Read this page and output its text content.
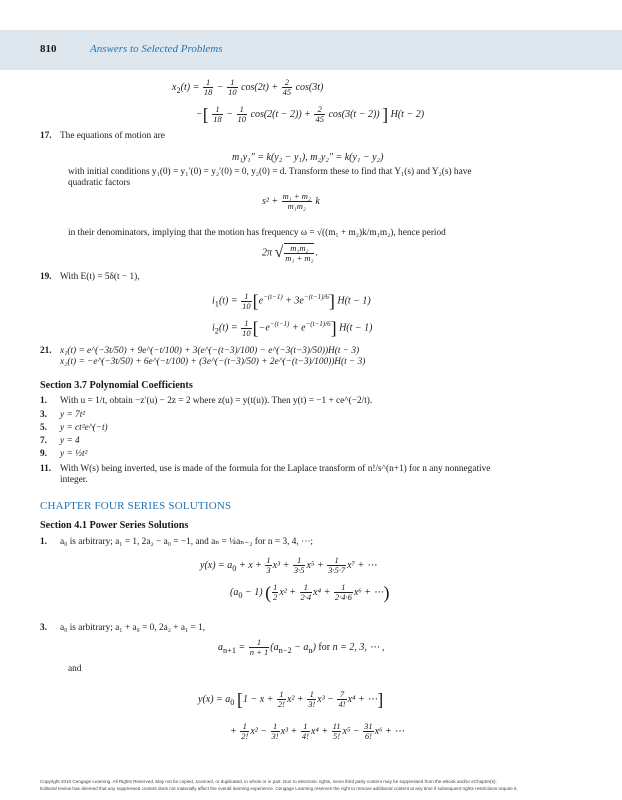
810	Answers to Selected Problems
$x_2(t) = \frac{1}{18} - \frac{1}{10} \cos(2t) + \frac{2}{45} \cos(3t)$
−[ $\frac{1}{18} - \frac{1}{10} \cos(2(t - 2)) + \frac{2}{45} \cos(3(t - 2))$ ] H(t − 2)
17. The equations of motion are
m₁y₁″ = k(y₂ − y₁), m₂y₂″ = k(y₁ − y₂)
with initial conditions y₁(0) = y₁′(0) = y₂′(0) = 0, y₂(0) = d. Transform these to find that Y₁(s) and Y₂(s) have
quadratic factors
$s^2 + \frac{\text{m₁ + m₂}}{\text{m₁m₂}}$ k
in their denominators, implying that the motion has frequency ω = √((m₁ + m₂)k/m₁m₂), hence period
2π √ $\frac{\text{m₁m₂}}{\text{m₁ + m₂}}$ .
19. With E(t) = 5δ(t − 1),
$i_1(t) = \frac{1}{10} [e^{-(t-1)} + 3e^{-(t-1)/6}] H(t - 1)$
$i_2(t) = \frac{1}{10} [-e^{-(t-1)} + e^{-(t-1)/6}] H(t - 1)$
21. x₁(t) = e^(−3t/50) + 9e^(−t/100) + 3(e^(−(t−3)/100) − e^(−3(t−3)/50))H(t − 3)
x₂(t) = −e^(−3t/50) + 6e^(−t/100) + (3e^(−(t−3)/50) + 2e^(−(t−3)/100))H(t − 3)
Section 3.7 Polynomial Coefficients
1. With u = 1/t, obtain −z′(u) − 2z = 2 where z(u) = y(t(u)). Then y(t) = −1 + ce^(−2/t).
3. y = 7t²
5. y = ct²e^(−t)
7. y = 4
9. y = ½t²
11. With W(s) being inverted, use is made of the formula for the Laplace transform of n!/s^(n+1) for n any nonnegative
integer.
CHAPTER FOUR SERIES SOLUTIONS
Section 4.1 Power Series Solutions
1. a₀ is arbitrary; a₁ = 1, 2a₂ − a₀ = −1, and aₙ = ¼aₙ₋₂ for n = 3, 4, ⋯;
$y(x) = a_0 + x + \frac{1}{3} x^3 + \frac{1}{3\cdot 5} x^5 + \frac{1}{3\cdot 5\cdot 7} x^7$ + ⋯
$(a_0 - 1)$ ( $\frac{1}{2} x^2 + \frac{1}{2\cdot 4} x^4 + \frac{1}{2\cdot 4\cdot 6} x^6$ + ⋯)
3. a₀ is arbitrary; a₁ + a₀ = 0, 2a₂ + a₁ = 1,
$a_{n+1} = \frac{1}{n + 1} (a_{n-2} - a_n)$ for n = 2, 3, ⋯ ,
and
$y(x) = a_0$ [$1 - x + \frac{1}{2!} x^2 + \frac{1}{3!} x^3 - \frac{7}{4!} x^4$ + ⋯]
+ $\frac{1}{2!} x^2 - \frac{1}{3!} x^3 + \frac{1}{4!} x^4 + \frac{11}{5!} x^5 - \frac{31}{6!} x^6$ + ⋯
Copyright 2010 Cengage Learning. All Rights Reserved. May not be copied, scanned, or duplicated, in whole or in part. Due to electronic rights, some third party content may be suppressed from the eBook and/or eChapter(s).
Editorial review has deemed that any suppressed content does not materially affect the overall learning experience. Cengage Learning reserves the right to remove additional content at any time if subsequent rights restrictions require it.
